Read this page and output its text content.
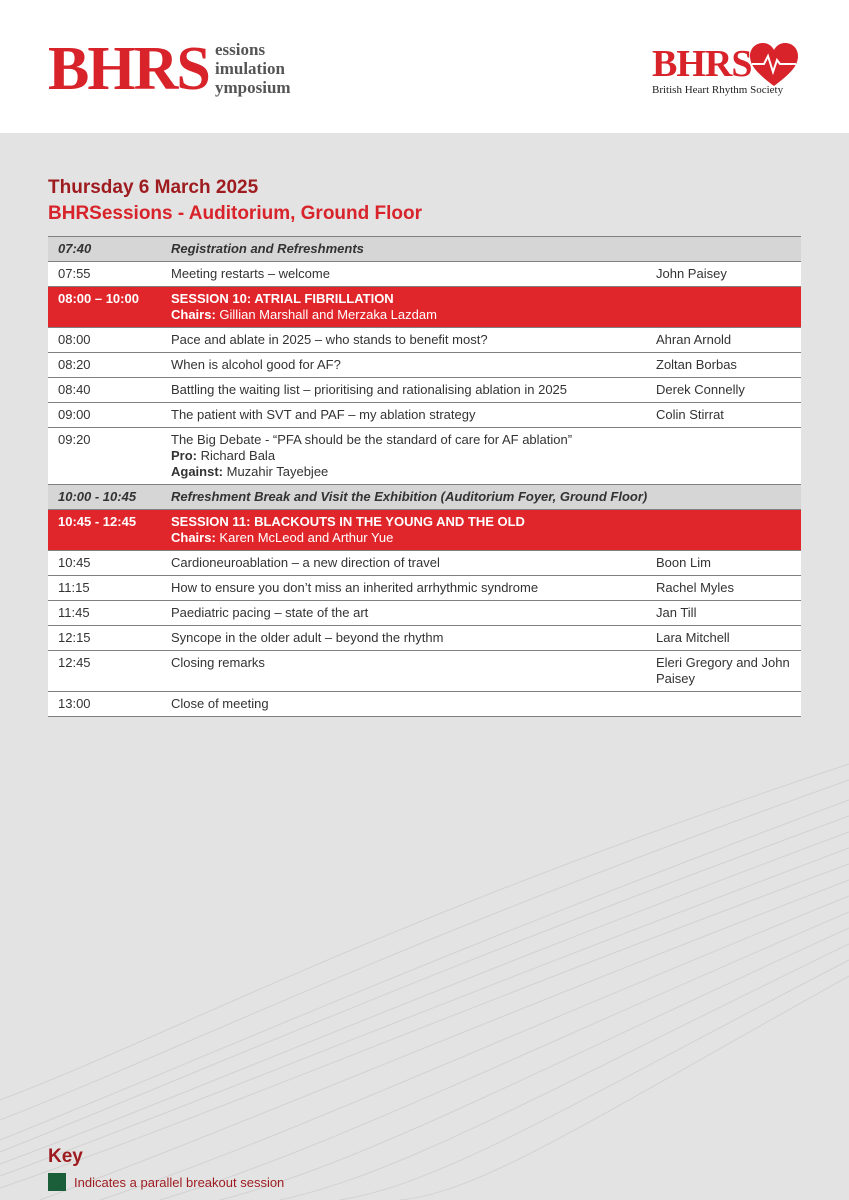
BHRS essions
imulation
ymposium
BHRS
British Heart Rhythm Society
Thursday 6 March 2025
BHRSessions - Auditorium, Ground Floor
07:40	Registration and Refreshments	
07:55	Meeting restarts – welcome	John Paisey
08:00 – 10:00	SESSION 10: ATRIAL FIBRILLATION
Chairs: Gillian Marshall and Merzaka Lazdam	

08:00	Pace and ablate in 2025 – who stands to benefit most?	Ahran Arnold
08:20	When is alcohol good for AF?	Zoltan Borbas
08:40	Battling the waiting list – prioritising and rationalising ablation in 2025	Derek Connelly
09:00	The patient with SVT and PAF – my ablation strategy	Colin Stirrat
09:20	The Big Debate - “PFA should be the standard of care for AF ablation”
Pro: Richard Bala
Against: Muzahir Tayebjee	

10:00 - 10:45	Refreshment Break and Visit the Exhibition (Auditorium Foyer, Ground Floor)	
10:45 - 12:45	SESSION 11: BLACKOUTS IN THE YOUNG AND THE OLD
Chairs: Karen McLeod and Arthur Yue	

10:45	Cardioneuroablation – a new direction of travel	Boon Lim
11:15	How to ensure you don’t miss an inherited arrhythmic syndrome	Rachel Myles
11:45	Paediatric pacing – state of the art	Jan Till
12:15	Syncope in the older adult – beyond the rhythm	Lara Mitchell
12:45	Closing remarks	Eleri Gregory and John Paisey
13:00	Close of meeting	
Key
Indicates a parallel breakout session
